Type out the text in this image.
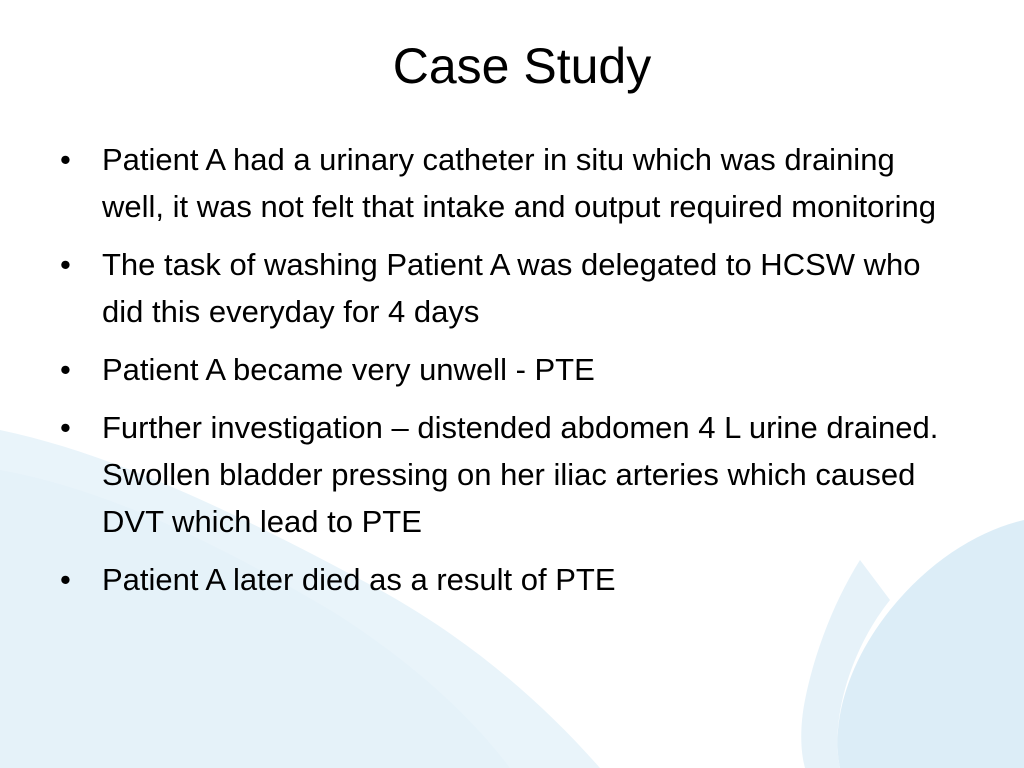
Case Study
• Patient A had a urinary catheter in situ which was draining well, it was not felt that intake and output required monitoring
• The task of washing Patient A was delegated to HCSW who did this everyday for 4 days
• Patient A became very unwell - PTE
• Further investigation – distended abdomen 4 L urine drained. Swollen bladder pressing on her iliac arteries which caused DVT which lead to PTE
• Patient A later died as a result of PTE
